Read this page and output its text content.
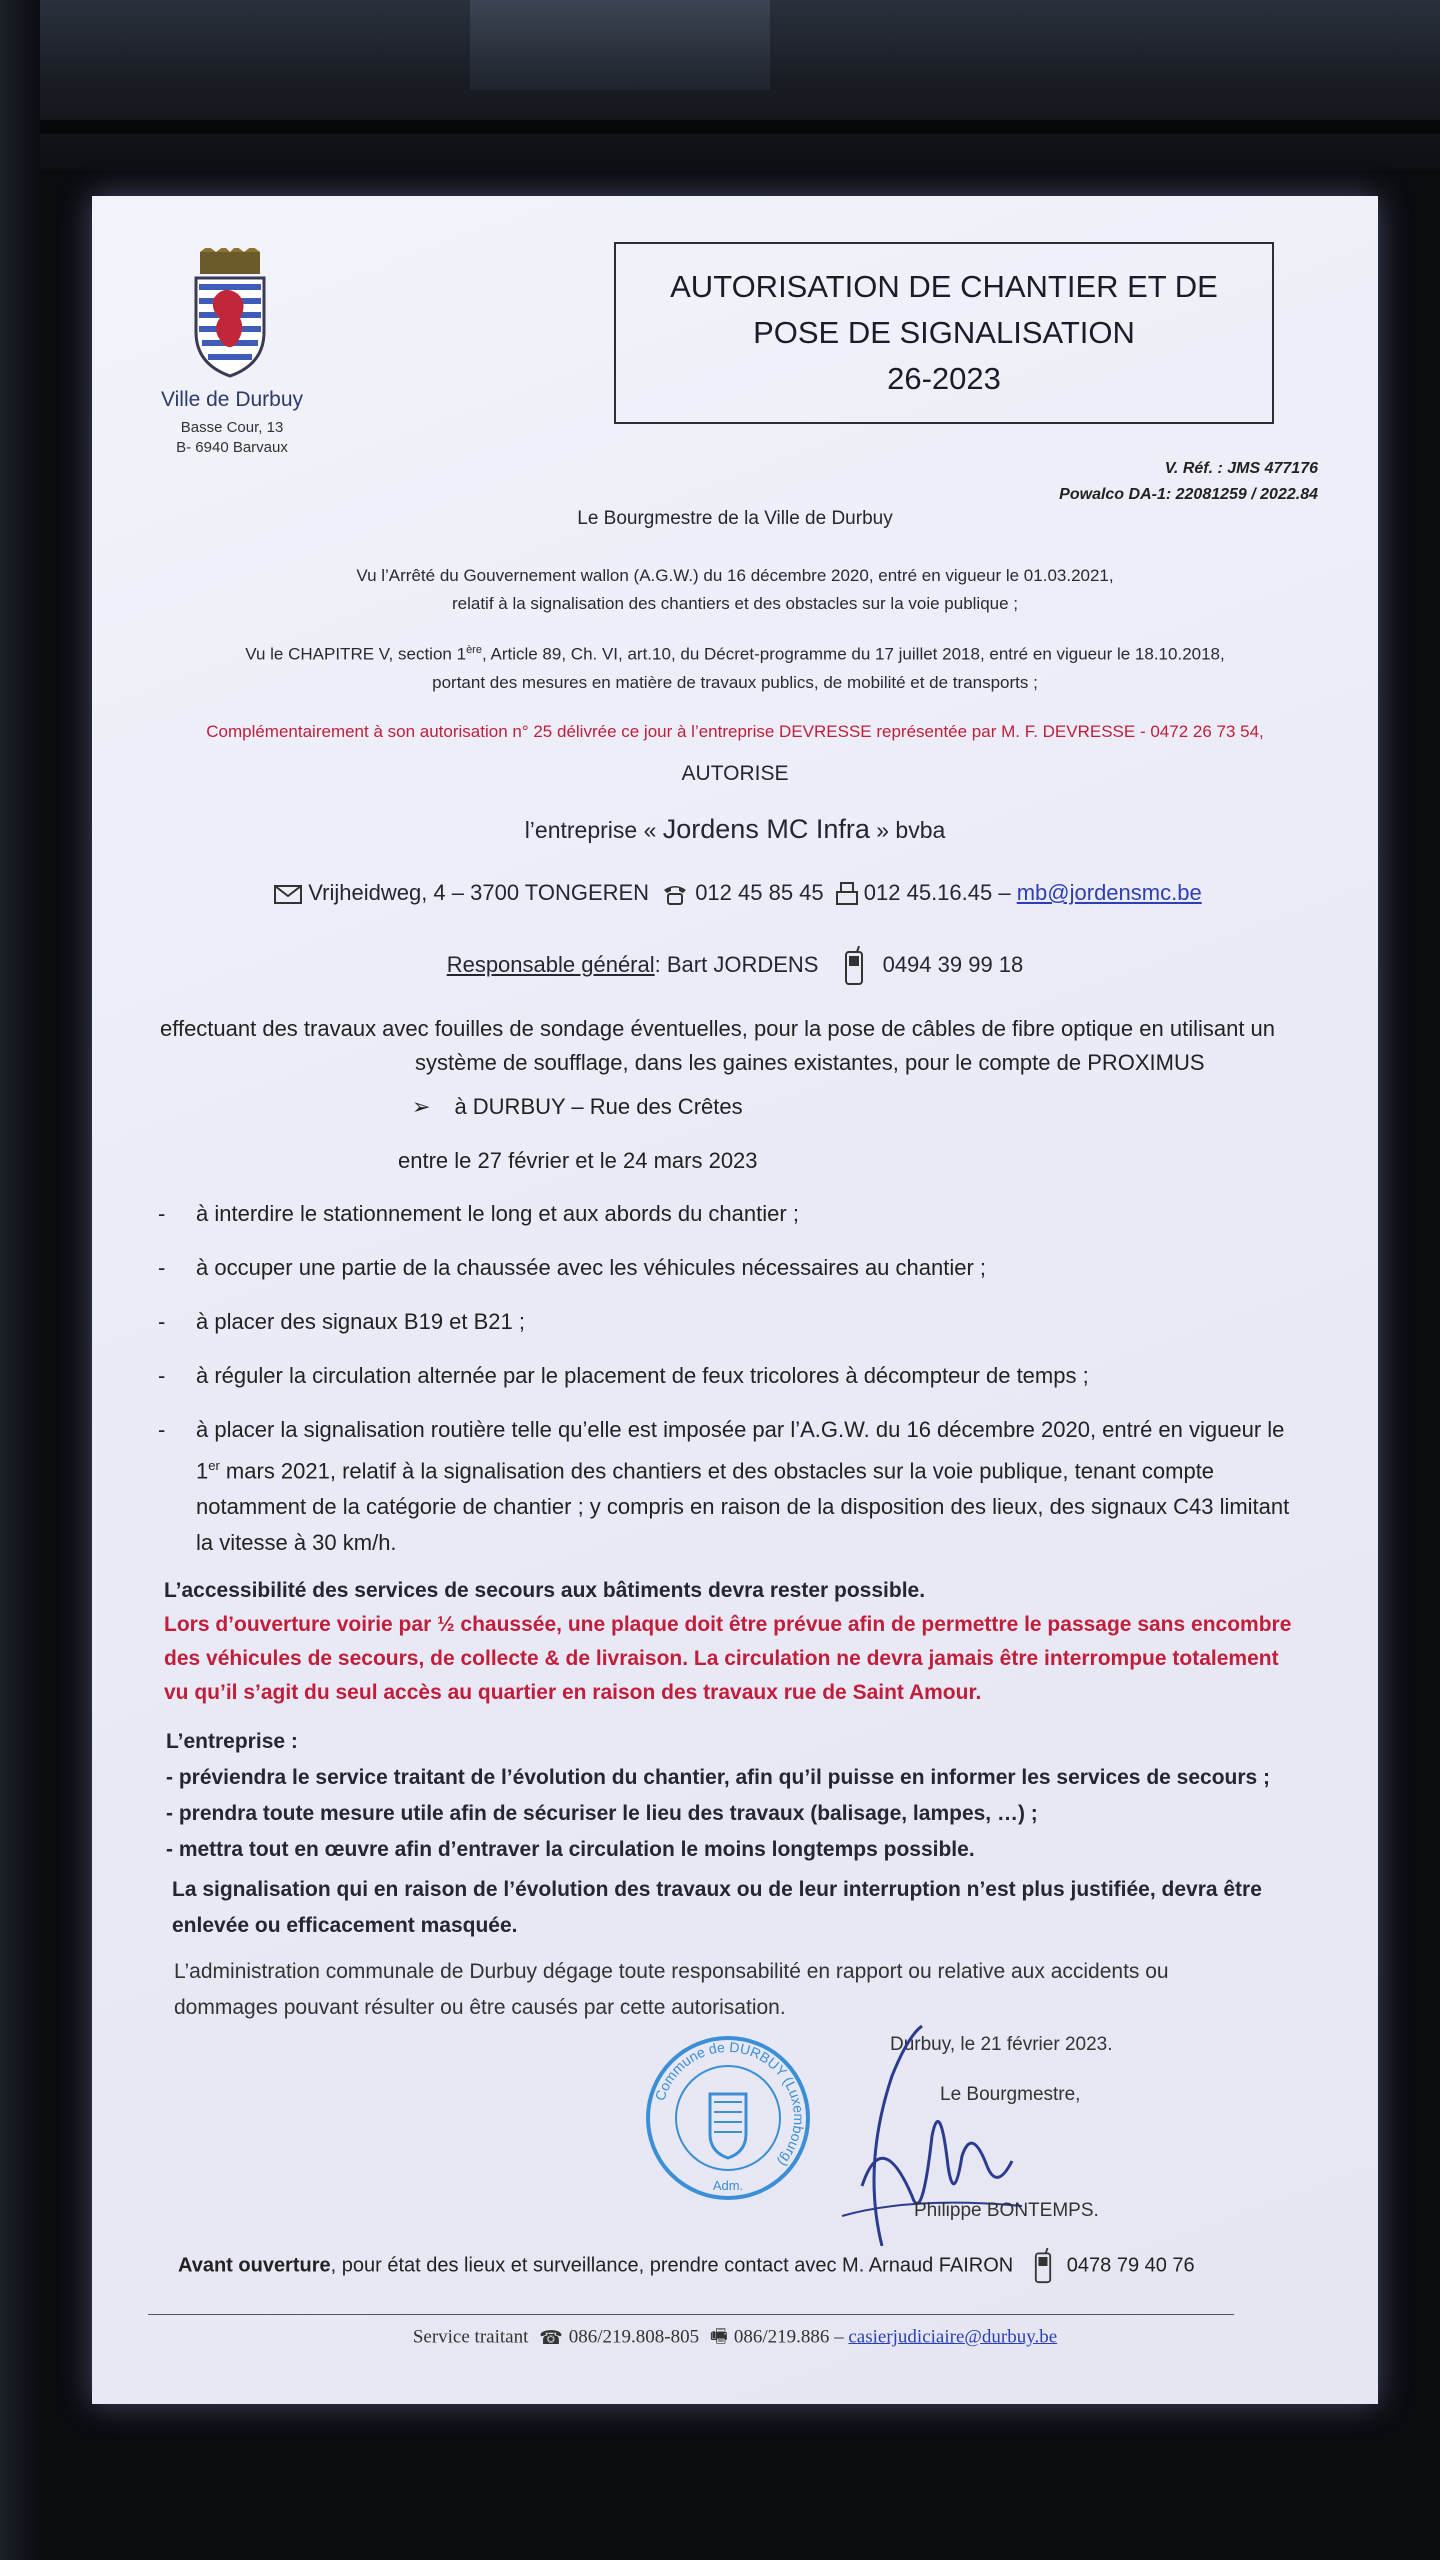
Ville de Durbuy
Basse Cour, 13
B- 6940 Barvaux
AUTORISATION DE CHANTIER ET DE
POSE DE SIGNALISATION
26-2023
V. Réf. : JMS 477176
Powalco DA-1: 22081259 / 2022.84
Le Bourgmestre de la Ville de Durbuy
Vu l’Arrêté du Gouvernement wallon (A.G.W.) du 16 décembre 2020, entré en vigueur le 01.03.2021,
relatif à la signalisation des chantiers et des obstacles sur la voie publique ;
Vu le CHAPITRE V, section 1ère, Article 89, Ch. VI, art.10, du Décret-programme du 17 juillet 2018, entré en vigueur le 18.10.2018,
portant des mesures en matière de travaux publics, de mobilité et de transports ;
Complémentairement à son autorisation n° 25 délivrée ce jour à l’entreprise DEVRESSE représentée par M. F. DEVRESSE - 0472 26 73 54,
AUTORISE
l’entreprise « Jordens MC Infra » bvba
Vrijheidweg, 4 – 3700 TONGEREN 012 45 85 45 012 45.16.45 – mb@jordensmc.be
Responsable général: Bart JORDENS	0494 39 99 18
effectuant des travaux avec fouilles de sondage éventuelles, pour la pose de câbles de fibre optique en utilisant un
système de soufflage, dans les gaines existantes, pour le compte de PROXIMUS
➢ à DURBUY – Rue des Crêtes
entre le 27 février et le 24 mars 2023
- à interdire le stationnement le long et aux abords du chantier ;
- à occuper une partie de la chaussée avec les véhicules nécessaires au chantier ;
- à placer des signaux B19 et B21 ;
- à réguler la circulation alternée par le placement de feux tricolores à décompteur de temps ;
- à placer la signalisation routière telle qu’elle est imposée par l’A.G.W. du 16 décembre 2020, entré en vigueur le
1er mars 2021, relatif à la signalisation des chantiers et des obstacles sur la voie publique, tenant compte
notamment de la catégorie de chantier ; y compris en raison de la disposition des lieux, des signaux C43 limitant
la vitesse à 30 km/h.
L’accessibilité des services de secours aux bâtiments devra rester possible.
Lors d’ouverture voirie par ½ chaussée, une plaque doit être prévue afin de permettre le passage sans encombre
des véhicules de secours, de collecte & de livraison. La circulation ne devra jamais être interrompue totalement
vu qu’il s’agit du seul accès au quartier en raison des travaux rue de Saint Amour.
L’entreprise :
- préviendra le service traitant de l’évolution du chantier, afin qu’il puisse en informer les services de secours ;
- prendra toute mesure utile afin de sécuriser le lieu des travaux (balisage, lampes, …) ;
- mettra tout en œuvre afin d’entraver la circulation le moins longtemps possible.
La signalisation qui en raison de l’évolution des travaux ou de leur interruption n’est plus justifiée, devra être
enlevée ou efficacement masquée.
L’administration communale de Durbuy dégage toute responsabilité en rapport ou relative aux accidents ou
dommages pouvant résulter ou être causés par cette autorisation.
Commune de DURBUY (Luxembourg)
Adm.
Durbuy, le 21 février 2023.
Le Bourgmestre,
Philippe BONTEMPS.
Avant ouverture, pour état des lieux et surveillance, prendre contact avec M. Arnaud FAIRON	0478 79 40 76
Service traitant ☎ 086/219.808-805 🖷 086/219.886 – casierjudiciaire@durbuy.be
